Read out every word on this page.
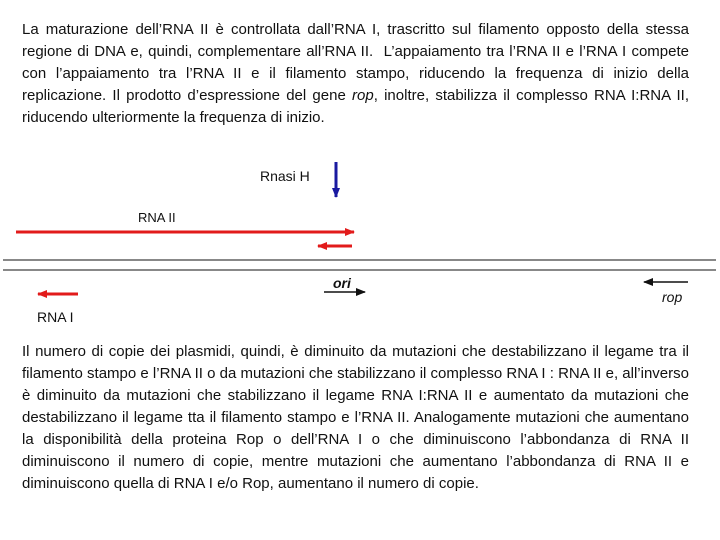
La maturazione dell’RNA II è controllata dall’RNA I, trascritto sul filamento opposto della stessa regione di DNA e, quindi, complementare all’RNA II.  L’appaiamento tra l’RNA II e l’RNA I compete con l’appaiamento tra l’RNA II e il filamento stampo, riducendo la frequenza di inizio della replicazione. Il prodotto d’espressione del gene rop, inoltre, stabilizza il complesso RNA I:RNA II, riducendo ulteriormente la frequenza di inizio.

Rnasi H
RNA II
ori
rop
RNA I

Il numero di copie dei plasmidi, quindi, è diminuito da mutazioni che destabilizzano il legame tra il filamento stampo e l’RNA II o da mutazioni che stabilizzano il complesso RNA I : RNA II e, all’inverso è diminuito da mutazioni che stabilizzano il legame RNA I:RNA II e aumentato da mutazioni che destabilizzano il legame tta il filamento stampo e l’RNA II. Analogamente mutazioni che aumentano la disponibilità della proteina Rop o dell’RNA I o che diminuiscono l’abbondanza di RNA II diminuiscono il numero di copie, mentre mutazioni che aumentano l’abbondanza di RNA II e diminuiscono quella di RNA I e/o Rop, aumentano il numero di copie.
